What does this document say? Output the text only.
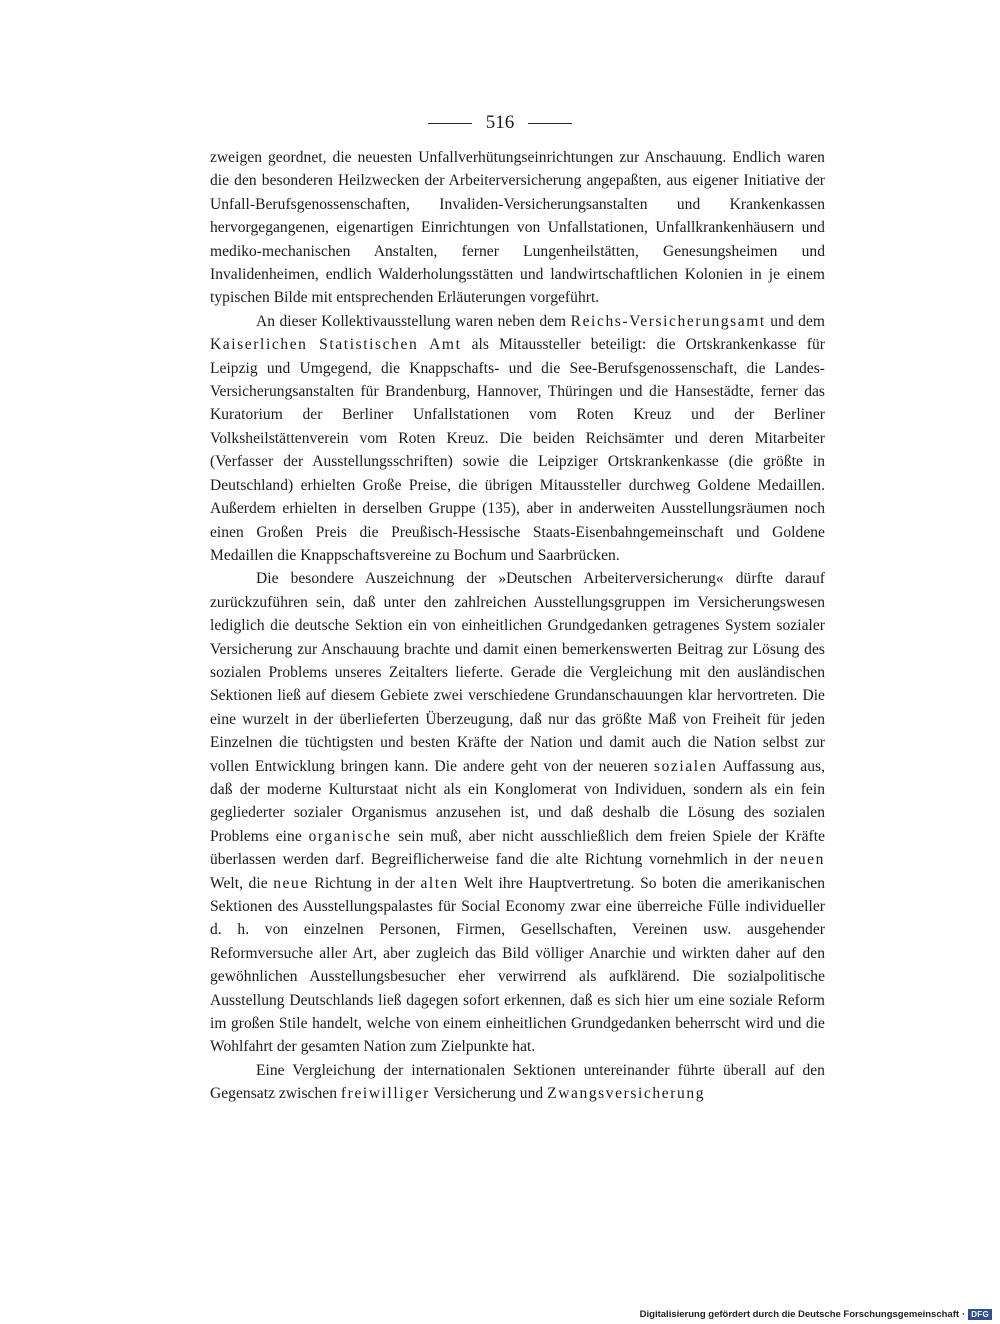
516

zweigen geordnet, die neuesten Unfallverhütungseinrichtungen zur Anschauung. Endlich waren die den besonderen Heilzwecken der Arbeiterversicherung angepaßten, aus eigener Initiative der Unfall-Berufsgenossenschaften, Invaliden-Versicherungsanstalten und Krankenkassen hervorgegangenen, eigenartigen Einrichtungen von Unfallstationen, Unfallkrankenhäusern und mediko-mechanischen Anstalten, ferner Lungenheilstätten, Genesungsheimen und Invalidenheimen, endlich Walderholungsstätten und landwirtschaftlichen Kolonien in je einem typischen Bilde mit entsprechenden Erläuterungen vorgeführt.

An dieser Kollektivausstellung waren neben dem Reichs-Versicherungsamt und dem Kaiserlichen Statistischen Amt als Mitaussteller beteiligt: die Ortskrankenkasse für Leipzig und Umgegend, die Knappschafts- und die See-Berufsgenossenschaft, die Landes-Versicherungsanstalten für Brandenburg, Hannover, Thüringen und die Hansestädte, ferner das Kuratorium der Berliner Unfallstationen vom Roten Kreuz und der Berliner Volksheilstättenverein vom Roten Kreuz. Die beiden Reichsämter und deren Mitarbeiter (Verfasser der Ausstellungsschriften) sowie die Leipziger Ortskrankenkasse (die größte in Deutschland) erhielten Große Preise, die übrigen Mitaussteller durchweg Goldene Medaillen. Außerdem erhielten in derselben Gruppe (135), aber in anderweiten Ausstellungsräumen noch einen Großen Preis die Preußisch-Hessische Staats-Eisenbahngemeinschaft und Goldene Medaillen die Knappschaftsvereine zu Bochum und Saarbrücken.

Die besondere Auszeichnung der »Deutschen Arbeiterversicherung« dürfte darauf zurückzuführen sein, daß unter den zahlreichen Ausstellungsgruppen im Versicherungswesen lediglich die deutsche Sektion ein von einheitlichen Grundgedanken getragenes System sozialer Versicherung zur Anschauung brachte und damit einen bemerkenswerten Beitrag zur Lösung des sozialen Problems unseres Zeitalters lieferte. Gerade die Vergleichung mit den ausländischen Sektionen ließ auf diesem Gebiete zwei verschiedene Grundanschauungen klar hervortreten. Die eine wurzelt in der überlieferten Überzeugung, daß nur das größte Maß von Freiheit für jeden Einzelnen die tüchtigsten und besten Kräfte der Nation und damit auch die Nation selbst zur vollen Entwicklung bringen kann. Die andere geht von der neueren sozialen Auffassung aus, daß der moderne Kulturstaat nicht als ein Konglomerat von Individuen, sondern als ein fein gegliederter sozialer Organismus anzusehen ist, und daß deshalb die Lösung des sozialen Problems eine organische sein muß, aber nicht ausschließlich dem freien Spiele der Kräfte überlassen werden darf. Begreiflicherweise fand die alte Richtung vornehmlich in der neuen Welt, die neue Richtung in der alten Welt ihre Hauptvertretung. So boten die amerikanischen Sektionen des Ausstellungspalastes für Social Economy zwar eine überreiche Fülle individueller d. h. von einzelnen Personen, Firmen, Gesellschaften, Vereinen usw. ausgehender Reformversuche aller Art, aber zugleich das Bild völliger Anarchie und wirkten daher auf den gewöhnlichen Ausstellungsbesucher eher verwirrend als aufklärend. Die sozialpolitische Ausstellung Deutschlands ließ dagegen sofort erkennen, daß es sich hier um eine soziale Reform im großen Stile handelt, welche von einem einheitlichen Grundgedanken beherrscht wird und die Wohlfahrt der gesamten Nation zum Zielpunkte hat.

Eine Vergleichung der internationalen Sektionen untereinander führte überall auf den Gegensatz zwischen freiwilliger Versicherung und Zwangsversicherung

Digitalisierung gefördert durch die Deutsche Forschungsgemeinschaft · DFG
